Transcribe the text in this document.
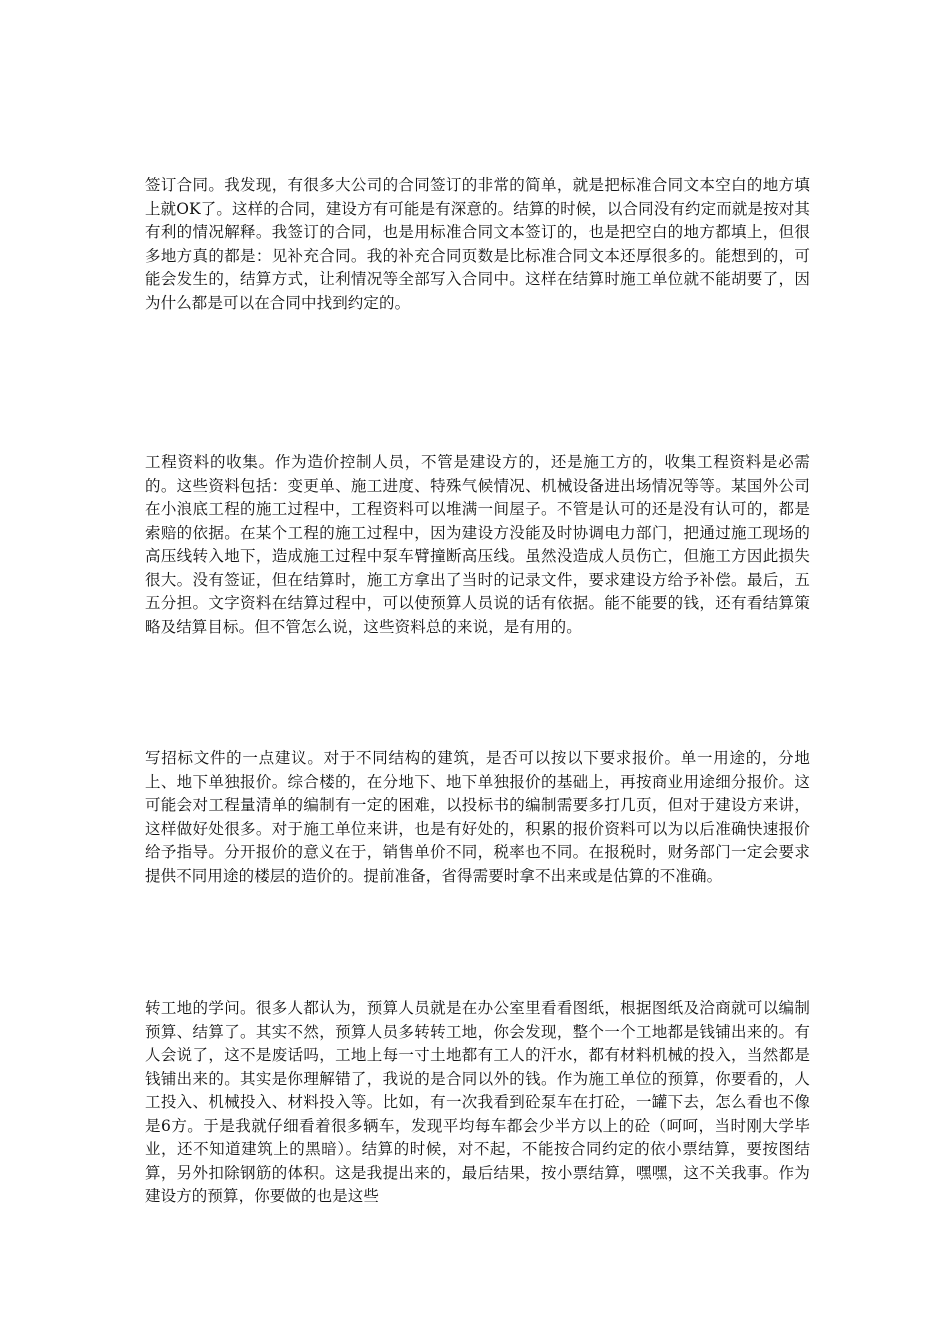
签订合同。我发现，有很多大公司的合同签订的非常的简单，就是把标准合同文本空白的地方填上就OK了。这样的合同，建设方有可能是有深意的。结算的时候，以合同没有约定而就是按对其有利的情况解释。我签订的合同，也是用标准合同文本签订的，也是把空白的地方都填上，但很多地方真的都是：见补充合同。我的补充合同页数是比标准合同文本还厚很多的。能想到的，可能会发生的，结算方式，让利情况等全部写入合同中。这样在结算时施工单位就不能胡要了，因为什么都是可以在合同中找到约定的。

工程资料的收集。作为造价控制人员，不管是建设方的，还是施工方的，收集工程资料是必需的。这些资料包括：变更单、施工进度、特殊气候情况、机械设备进出场情况等等。某国外公司在小浪底工程的施工过程中，工程资料可以堆满一间屋子。不管是认可的还是没有认可的，都是索赔的依据。在某个工程的施工过程中，因为建设方没能及时协调电力部门，把通过施工现场的高压线转入地下，造成施工过程中泵车臂撞断高压线。虽然没造成人员伤亡，但施工方因此损失很大。没有签证，但在结算时，施工方拿出了当时的记录文件，要求建设方给予补偿。最后，五五分担。文字资料在结算过程中，可以使预算人员说的话有依据。能不能要的钱，还有看结算策略及结算目标。但不管怎么说，这些资料总的来说，是有用的。

写招标文件的一点建议。对于不同结构的建筑，是否可以按以下要求报价。单一用途的，分地上、地下单独报价。综合楼的，在分地下、地下单独报价的基础上，再按商业用途细分报价。这可能会对工程量清单的编制有一定的困难，以投标书的编制需要多打几页，但对于建设方来讲，这样做好处很多。对于施工单位来讲，也是有好处的，积累的报价资料可以为以后准确快速报价给予指导。分开报价的意义在于，销售单价不同，税率也不同。在报税时，财务部门一定会要求提供不同用途的楼层的造价的。提前准备，省得需要时拿不出来或是估算的不准确。

转工地的学问。很多人都认为，预算人员就是在办公室里看看图纸，根据图纸及洽商就可以编制预算、结算了。其实不然，预算人员多转转工地，你会发现，整个一个工地都是钱铺出来的。有人会说了，这不是废话吗，工地上每一寸土地都有工人的汗水，都有材料机械的投入，当然都是钱铺出来的。其实是你理解错了，我说的是合同以外的钱。作为施工单位的预算，你要看的，人工投入、机械投入、材料投入等。比如，有一次我看到砼泵车在打砼，一罐下去，怎么看也不像是6方。于是我就仔细看着很多辆车，发现平均每车都会少半方以上的砼（呵呵，当时刚大学毕业，还不知道建筑上的黑暗）。结算的时候，对不起，不能按合同约定的依小票结算，要按图结算，另外扣除钢筋的体积。这是我提出来的，最后结果，按小票结算，嘿嘿，这不关我事。作为建设方的预算，你要做的也是这些
